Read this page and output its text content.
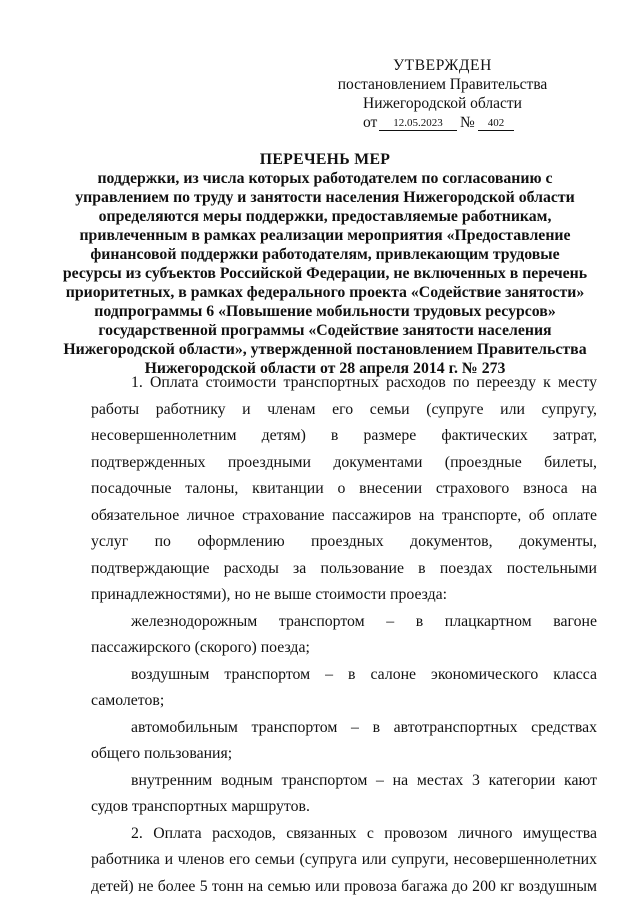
УТВЕРЖДЕН
постановлением Правительства
Нижегородской области
от	12.05.2023	№	402
ПЕРЕЧЕНЬ МЕР
поддержки, из числа которых работодателем по согласованию с
управлением по труду и занятости населения Нижегородской области
определяются меры поддержки, предоставляемые работникам,
привлеченным в рамках реализации мероприятия «Предоставление
финансовой поддержки работодателям, привлекающим трудовые
ресурсы из субъектов Российской Федерации, не включенных в перечень
приоритетных, в рамках федерального проекта «Содействие занятости»
подпрограммы 6 «Повышение мобильности трудовых ресурсов»
государственной программы «Содействие занятости населения
Нижегородской области», утвержденной постановлением Правительства
Нижегородской области от 28 апреля 2014 г. № 273

1. Оплата стоимости транспортных расходов по переезду к месту работы работнику и членам его семьи (супруге или супругу, несовершеннолетним детям) в размере фактических затрат, подтвержденных проездными документами (проездные билеты, посадочные талоны, квитанции о внесении страхового взноса на обязательное личное страхование пассажиров на транспорте, об оплате услуг по оформлению проездных документов, документы, подтверждающие расходы за пользование в поездах постельными принадлежностями), но не выше стоимости проезда:

железнодорожным транспортом – в плацкартном вагоне пассажирского (скорого) поезда;

воздушным транспортом – в салоне экономического класса самолетов;

автомобильным транспортом – в автотранспортных средствах общего пользования;

внутренним водным транспортом – на местах 3 категории кают судов транспортных маршрутов.

2. Оплата расходов, связанных с провозом личного имущества работника и членов его семьи (супруга или супруги, несовершеннолетних детей) не более 5 тонн на семью или провоза багажа до 200 кг воздушным
